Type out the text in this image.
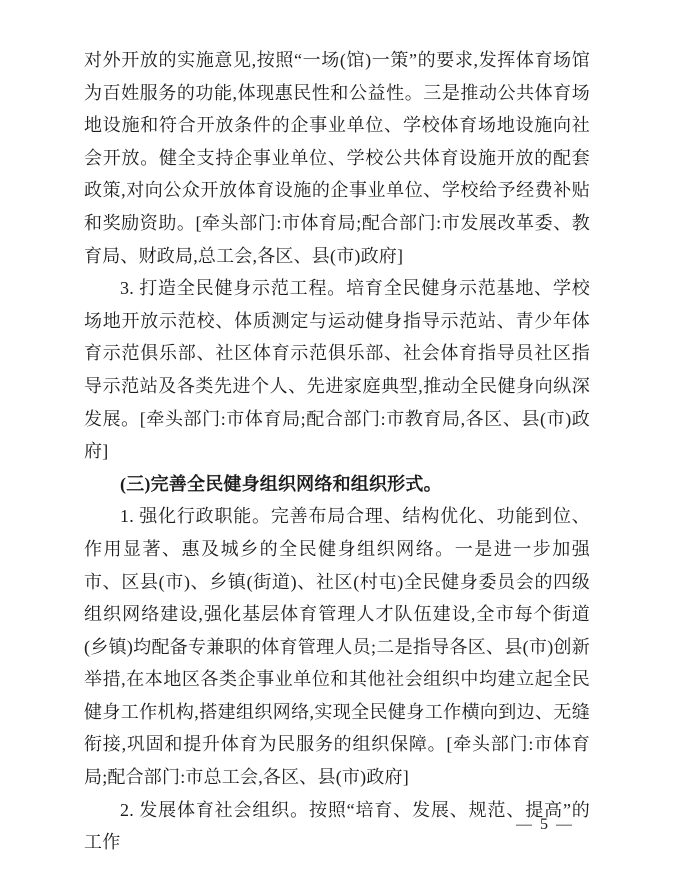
对外开放的实施意见,按照“一场(馆)一策”的要求,发挥体育场馆为百姓服务的功能,体现惠民性和公益性。三是推动公共体育场地设施和符合开放条件的企事业单位、学校体育场地设施向社会开放。健全支持企事业单位、学校公共体育设施开放的配套政策,对向公众开放体育设施的企事业单位、学校给予经费补贴和奖励资助。[牵头部门:市体育局;配合部门:市发展改革委、教育局、财政局,总工会,各区、县(市)政府]

3. 打造全民健身示范工程。培育全民健身示范基地、学校场地开放示范校、体质测定与运动健身指导示范站、青少年体育示范俱乐部、社区体育示范俱乐部、社会体育指导员社区指导示范站及各类先进个人、先进家庭典型,推动全民健身向纵深发展。[牵头部门:市体育局;配合部门:市教育局,各区、县(市)政府]

(三)完善全民健身组织网络和组织形式。

1. 强化行政职能。完善布局合理、结构优化、功能到位、作用显著、惠及城乡的全民健身组织网络。一是进一步加强市、区县(市)、乡镇(街道)、社区(村屯)全民健身委员会的四级组织网络建设,强化基层体育管理人才队伍建设,全市每个街道(乡镇)均配备专兼职的体育管理人员;二是指导各区、县(市)创新举措,在本地区各类企事业单位和其他社会组织中均建立起全民健身工作机构,搭建组织网络,实现全民健身工作横向到边、无缝衔接,巩固和提升体育为民服务的组织保障。[牵头部门:市体育局;配合部门:市总工会,各区、县(市)政府]

2. 发展体育社会组织。按照“培育、发展、规范、提高”的工作

— 5 —
